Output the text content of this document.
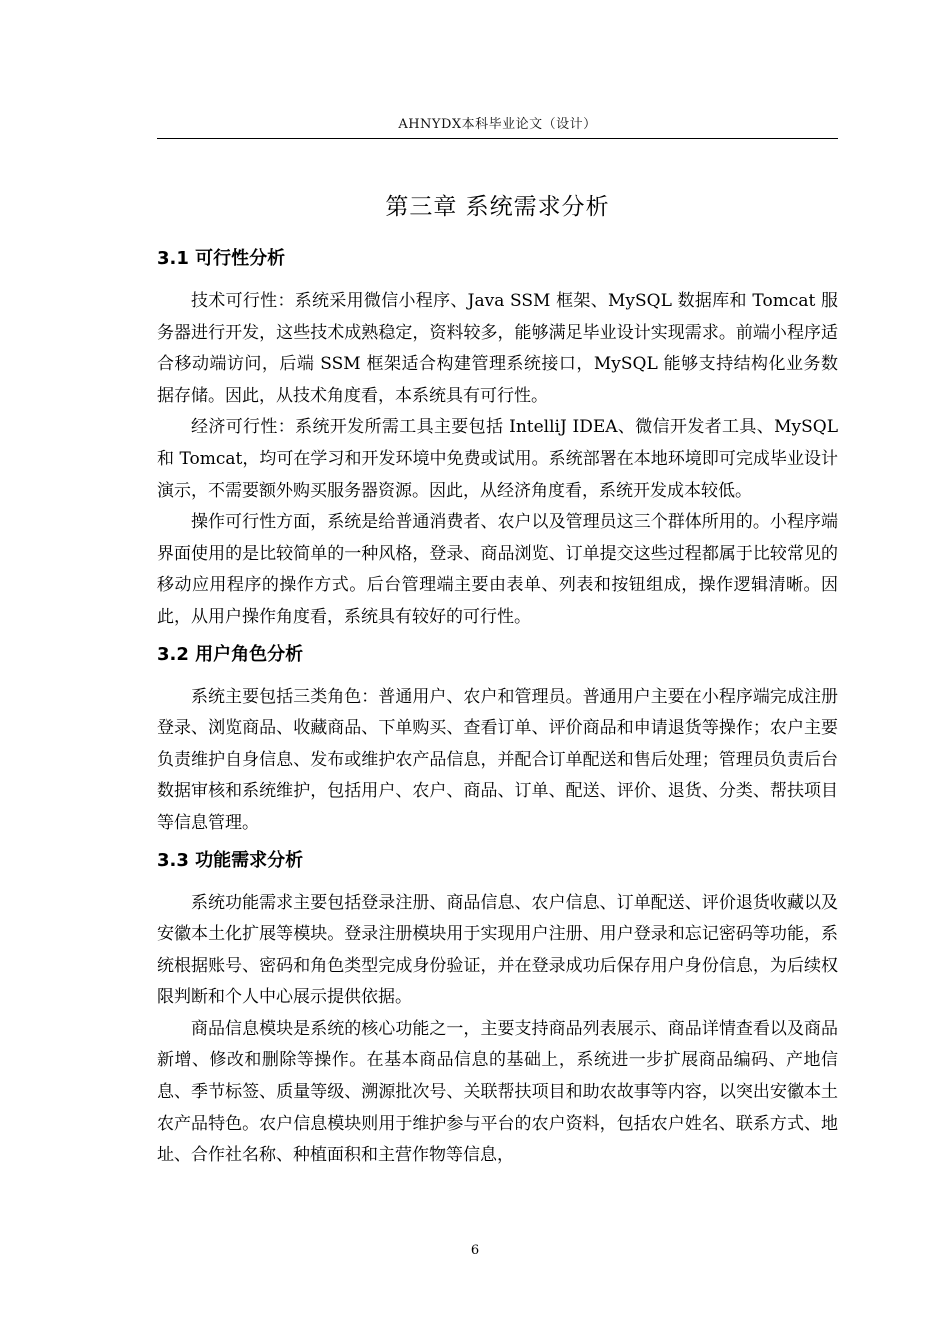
AHNYDX本科毕业论文（设计）
第三章 系统需求分析
3.1 可行性分析

技术可行性：系统采用微信小程序、Java SSM 框架、MySQL 数据库和 Tomcat 服务器进行开发，这些技术成熟稳定，资料较多，能够满足毕业设计实现需求。前端小程序适合移动端访问，后端 SSM 框架适合构建管理系统接口，MySQL 能够支持结构化业务数据存储。因此，从技术角度看，本系统具有可行性。

经济可行性：系统开发所需工具主要包括 IntelliJ IDEA、微信开发者工具、MySQL 和 Tomcat，均可在学习和开发环境中免费或试用。系统部署在本地环境即可完成毕业设计演示，不需要额外购买服务器资源。因此，从经济角度看，系统开发成本较低。

操作可行性方面，系统是给普通消费者、农户以及管理员这三个群体所用的。小程序端界面使用的是比较简单的一种风格，登录、商品浏览、订单提交这些过程都属于比较常见的移动应用程序的操作方式。后台管理端主要由表单、列表和按钮组成，操作逻辑清晰。因此，从用户操作角度看，系统具有较好的可行性。

3.2 用户角色分析

系统主要包括三类角色：普通用户、农户和管理员。普通用户主要在小程序端完成注册登录、浏览商品、收藏商品、下单购买、查看订单、评价商品和申请退货等操作；农户主要负责维护自身信息、发布或维护农产品信息，并配合订单配送和售后处理；管理员负责后台数据审核和系统维护，包括用户、农户、商品、订单、配送、评价、退货、分类、帮扶项目等信息管理。

3.3 功能需求分析

系统功能需求主要包括登录注册、商品信息、农户信息、订单配送、评价退货收藏以及安徽本土化扩展等模块。登录注册模块用于实现用户注册、用户登录和忘记密码等功能，系统根据账号、密码和角色类型完成身份验证，并在登录成功后保存用户身份信息，为后续权限判断和个人中心展示提供依据。

商品信息模块是系统的核心功能之一，主要支持商品列表展示、商品详情查看以及商品新增、修改和删除等操作。在基本商品信息的基础上，系统进一步扩展商品编码、产地信息、季节标签、质量等级、溯源批次号、关联帮扶项目和助农故事等内容，以突出安徽本土农产品特色。农户信息模块则用于维护参与平台的农户资料，包括农户姓名、联系方式、地址、合作社名称、种植面积和主营作物等信息，

6
